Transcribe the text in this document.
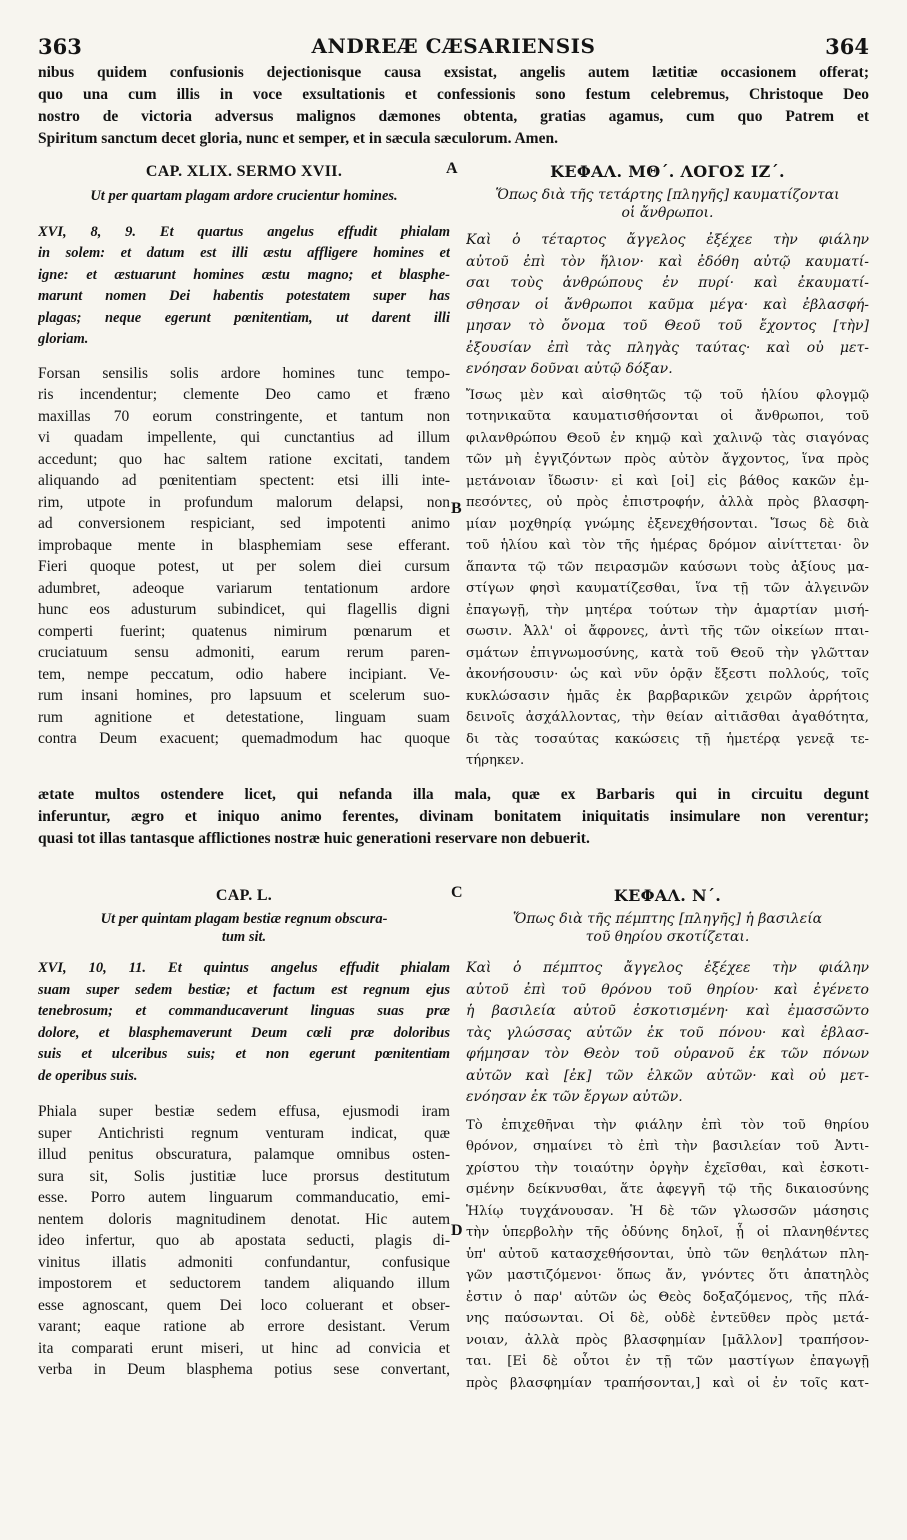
363	ANDREÆ CÆSARIENSIS	364
nibus quidem confusionis dejectionisque causa exsistat, angelis autem lætitiæ occasionem offerat;
quo una cum illis in voce exsultationis et confessionis sono festum celebremus, Christoque Deo
nostro de victoria adversus malignos dæmones obtenta, gratias agamus, cum quo Patrem et
Spiritum sanctum decet gloria, nunc et semper, et in sæcula sæculorum. Amen.
A
CAP. XLIX. SERMO XVII.
Ut per quartam plagam ardore crucientur homines.
XVI, 8, 9. Et quartus angelus effudit phialam
in solem: et datum est illi æstu affligere homines et
igne: et æstuarunt homines æstu magno; et blasphe-
marunt nomen Dei habentis potestatem super has
plagas; neque egerunt pœnitentiam, ut darent illi
gloriam.
Forsan sensilis solis ardore homines tunc tempo-
ris incendentur; clemente Deo camo et fræno
maxillas 70 eorum constringente, et tantum non
vi quadam impellente, qui cunctantius ad illum
accedunt; quo hac saltem ratione excitati, tandem
aliquando ad pœnitentiam spectent: etsi illi inte-
rim, utpote in profundum malorum delapsi, non
ad conversionem respiciant, sed impotenti animo
improbaque mente in blasphemiam sese efferant.
Fieri quoque potest, ut per solem diei cursum
adumbret, adeoque variarum tentationum ardore
hunc eos adusturum subindicet, qui flagellis digni
comperti fuerint; quatenus nimirum pœnarum et
cruciatuum sensu admoniti, earum rerum paren-
tem, nempe peccatum, odio habere incipiant. Ve-
rum insani homines, pro lapsuum et scelerum suo-
rum agnitione et detestatione, linguam suam
contra Deum exacuent; quemadmodum hac quoque
ΚΕΦΑΛ. ΜΘ΄. ΛΟΓΟΣ ΙΖ΄.
Ὅπως διὰ τῆς τετάρτης [πληγῆς] καυματίζονται
οἱ ἄνθρωποι.
Καὶ ὁ τέταρτος ἄγγελος ἐξέχεε τὴν φιάλην
αὐτοῦ ἐπὶ τὸν ἥλιον· καὶ ἐδόθη αὐτῷ καυματί-
σαι τοὺς ἀνθρώπους ἐν πυρί· καὶ ἐκαυματί-
σθησαν οἱ ἄνθρωποι καῦμα μέγα· καὶ ἐβλασφή-
μησαν τὸ ὄνομα τοῦ Θεοῦ τοῦ ἔχοντος [τὴν]
ἐξουσίαν ἐπὶ τὰς πληγὰς ταύτας· καὶ οὐ μετ-
ενόησαν δοῦναι αὐτῷ δόξαν.
Ἴσως μὲν καὶ αἰσθητῶς τῷ τοῦ ἡλίου φλογμῷ
τοτηνικαῦτα καυματισθήσονται οἱ ἄνθρωποι, τοῦ
φιλανθρώπου Θεοῦ ἐν κημῷ καὶ χαλινῷ τὰς σιαγόνας
τῶν μὴ ἐγγιζόντων πρὸς αὐτὸν ἄγχοντος, ἵνα πρὸς
μετάνοιαν ἴδωσιν· εἰ καὶ [οἱ] εἰς βάθος κακῶν ἐμ-
πεσόντες, οὐ πρὸς ἐπιστροφήν, ἀλλὰ πρὸς βλασφη-
μίαν μοχθηρίᾳ γνώμης ἐξενεχθήσονται. Ἴσως δὲ διὰ
τοῦ ἡλίου καὶ τὸν τῆς ἡμέρας δρόμον αἰνίττεται· ὃν
ἅπαντα τῷ τῶν πειρασμῶν καύσωνι τοὺς ἀξίους μα-
στίγων φησὶ καυματίζεσθαι, ἵνα τῇ τῶν ἀλγεινῶν
ἐπαγωγῇ, τὴν μητέρα τούτων τὴν ἁμαρτίαν μισή-
σωσιν. Ἀλλ' οἱ ἄφρονες, ἀντὶ τῆς τῶν οἰκείων πται-
σμάτων ἐπιγνωμοσύνης, κατὰ τοῦ Θεοῦ τὴν γλῶτταν
ἀκονήσουσιν· ὡς καὶ νῦν ὁρᾷν ἔξεστι πολλούς, τοῖς
κυκλώσασιν ἡμᾶς ἐκ βαρβαρικῶν χειρῶν ἀρρήτοις
δεινοῖς ἀσχάλλοντας, τὴν θείαν αἰτιᾶσθαι ἀγαθότητα,
δι τὰς τοσαύτας κακώσεις τῇ ἡμετέρᾳ γενεᾷ τε-
τήρηκεν.
B
ætate multos ostendere licet, qui nefanda illa mala, quæ ex Barbaris qui in circuitu degunt
inferuntur, ægro et iniquo animo ferentes, divinam bonitatem iniquitatis insimulare non verentur;
quasi tot illas tantasque afflictiones nostræ huic generationi reservare non debuerit.
C
CAP. L.
Ut per quintam plagam bestiæ regnum obscura-
tum sit.
XVI, 10, 11. Et quintus angelus effudit phialam
suam super sedem bestiæ; et factum est regnum ejus
tenebrosum; et commanducaverunt linguas suas præ
dolore, et blasphemaverunt Deum cœli præ doloribus
suis et ulceribus suis; et non egerunt pœnitentiam
de operibus suis.
Phiala super bestiæ sedem effusa, ejusmodi iram
super Antichristi regnum venturam indicat, quæ
illud penitus obscuratura, palamque omnibus osten-
sura sit, Solis justitiæ luce prorsus destitutum
esse. Porro autem linguarum commanducatio, emi-
nentem doloris magnitudinem denotat. Hic autem
ideo infertur, quo ab apostata seducti, plagis di-
vinitus illatis admoniti confundantur, confusique
impostorem et seductorem tandem aliquando illum
esse agnoscant, quem Dei loco coluerant et obser-
varant; eaque ratione ab errore desistant. Verum
ita comparati erunt miseri, ut hinc ad convicia et
verba in Deum blasphema potius sese convertant,
ΚΕΦΑΛ. Ν΄.
Ὅπως διὰ τῆς πέμπτης [πληγῆς] ἡ βασιλεία
τοῦ θηρίου σκοτίζεται.
Καὶ ὁ πέμπτος ἄγγελος ἐξέχεε τὴν φιάλην
αὐτοῦ ἐπὶ τοῦ θρόνου τοῦ θηρίου· καὶ ἐγένετο
ἡ βασιλεία αὐτοῦ ἐσκοτισμένη· καὶ ἐμασσῶντο
τὰς γλώσσας αὐτῶν ἐκ τοῦ πόνου· καὶ ἐβλασ-
φήμησαν τὸν Θεὸν τοῦ οὐρανοῦ ἐκ τῶν πόνων
αὐτῶν καὶ [ἐκ] τῶν ἑλκῶν αὐτῶν· καὶ οὐ μετ-
ενόησαν ἐκ τῶν ἔργων αὐτῶν.
Τὸ ἐπιχεθῆναι τὴν φιάλην ἐπὶ τὸν τοῦ θηρίου
θρόνον, σημαίνει τὸ ἐπὶ τὴν βασιλείαν τοῦ Ἀντι-
χρίστου τὴν τοιαύτην ὀργὴν ἐχεῖσθαι, καὶ ἐσκοτι-
σμένην δείκνυσθαι, ἅτε ἀφεγγῆ τῷ τῆς δικαιοσύνης
Ἡλίῳ τυγχάνουσαν. Ἡ δὲ τῶν γλωσσῶν μάσησις
τὴν ὑπερβολὴν τῆς ὀδύνης δηλοῖ, ᾗ οἱ πλανηθέντες
ὑπ' αὐτοῦ κατασχεθήσονται, ὑπὸ τῶν θεηλάτων πλη-
γῶν μαστιζόμενοι· ὅπως ἄν, γνόντες ὅτι ἀπατηλὸς
ἐστιν ὁ παρ' αὐτῶν ὡς Θεὸς δοξαζόμενος, τῆς πλά-
νης παύσωνται. Οἱ δὲ, οὐδὲ ἐντεῦθεν πρὸς μετά-
νοιαν, ἀλλὰ πρὸς βλασφημίαν [μᾶλλον] τραπήσον-
ται. [Εἰ δὲ οὗτοι ἐν τῇ τῶν μαστίγων ἐπαγωγῇ
πρὸς βλασφημίαν τραπήσονται,] καὶ οἱ ἐν τοῖς κατ-
D
